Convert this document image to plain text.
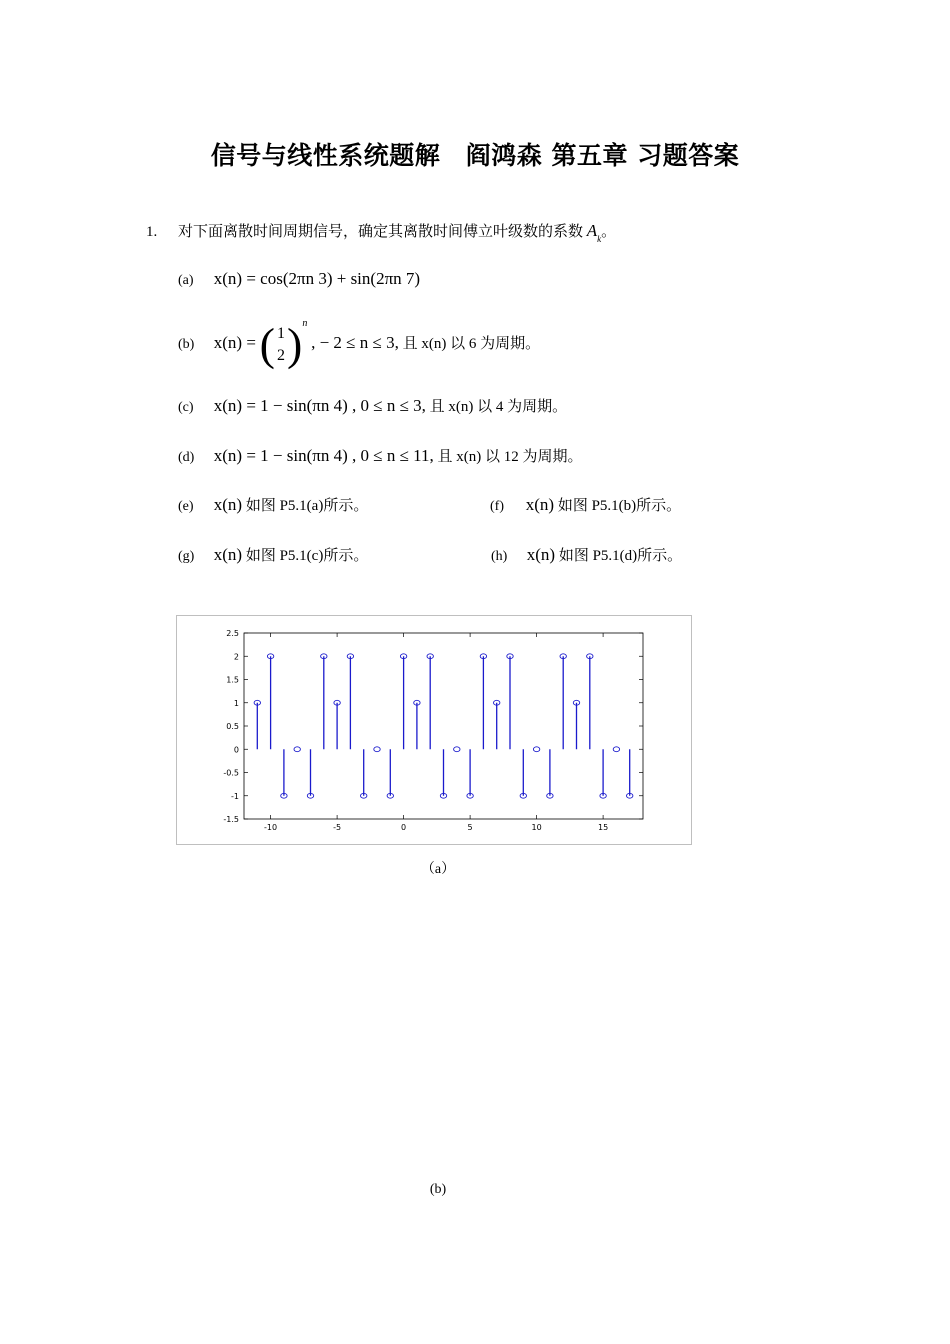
信号与线性系统题解　阎鸿森 第五章 习题答案
1. 对下面离散时间周期信号，确定其离散时间傅立叶级数的系数 $A_k$。
(a) x(n) = cos(2πn 3) + sin(2πn 7)
(b) x(n) = ( 1
2 )$^n$ , − 2 ≤ n ≤ 3, 且 x(n) 以 6 为周期。
(c) x(n) = 1 − sin(πn 4) , 0 ≤ n ≤ 3, 且 x(n) 以 4 为周期。
(d) x(n) = 1 − sin(πn 4) , 0 ≤ n ≤ 11, 且 x(n) 以 12 为周期。
(e) x(n) 如图 P5.1(a)所示。	(f) x(n) 如图 P5.1(b)所示。
(g) x(n) 如图 P5.1(c)所示。	(h) x(n) 如图 P5.1(d)所示。
2.5
2
1.5
1
0.5
0
-0.5
-1
-1.5
-10	-5	0	5	10	15
（a）
(b)
